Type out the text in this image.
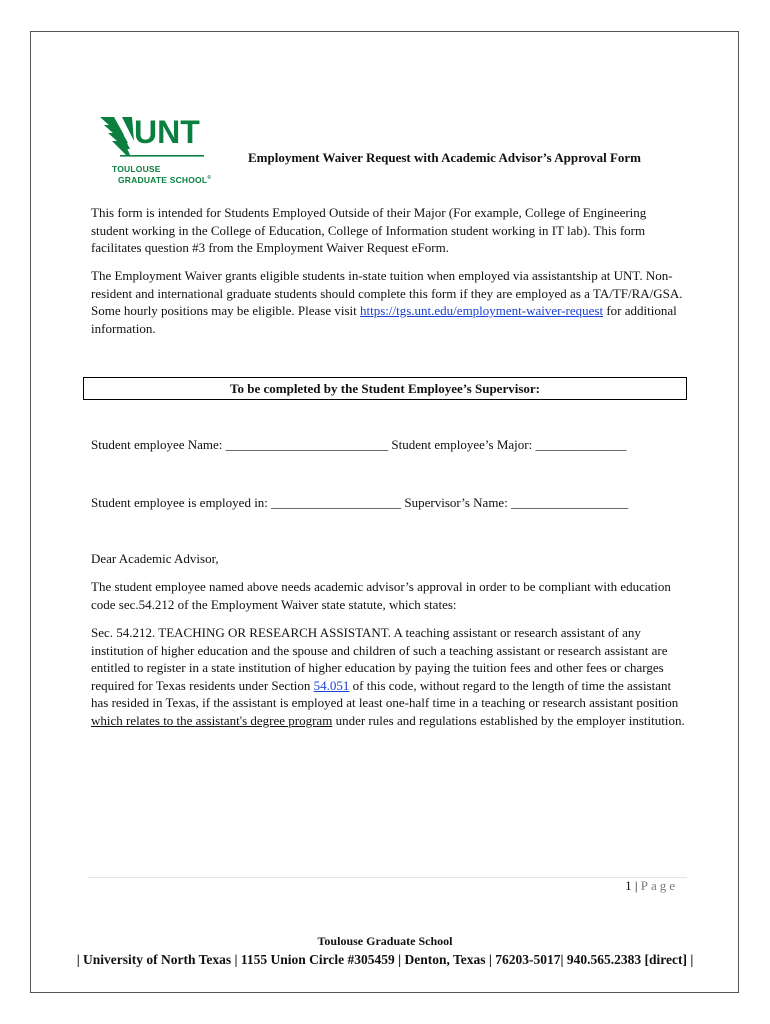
UNT
TOULOUSE
GRADUATE SCHOOL®
Employment Waiver Request with Academic Advisor’s Approval Form

This form is intended for Students Employed Outside of their Major (For example, College of Engineering student working in the College of Education, College of Information student working in IT lab). This form facilitates question #3 from the Employment Waiver Request eForm.

The Employment Waiver grants eligible students in-state tuition when employed via assistantship at UNT. Non-resident and international graduate students should complete this form if they are employed as a TA/TF/RA/GSA. Some hourly positions may be eligible. Please visit https://tgs.unt.edu/employment-waiver-request for additional information.

To be completed by the Student Employee’s Supervisor:
Student employee Name: _________________________ Student employee’s Major: ______________
Student employee is employed in: ____________________ Supervisor’s Name: __________________

Dear Academic Advisor,

The student employee named above needs academic advisor’s approval in order to be compliant with education code sec.54.212 of the Employment Waiver state statute, which states:

Sec. 54.212. TEACHING OR RESEARCH ASSISTANT. A teaching assistant or research assistant of any institution of higher education and the spouse and children of such a teaching assistant or research assistant are entitled to register in a state institution of higher education by paying the tuition fees and other fees or charges required for Texas residents under Section 54.051 of this code, without regard to the length of time the assistant has resided in Texas, if the assistant is employed at least one-half time in a teaching or research assistant position which relates to the assistant's degree program under rules and regulations established by the employer institution.

1 | Page
Toulouse Graduate School
| University of North Texas | 1155 Union Circle #305459 | Denton, Texas | 76203-5017| 940.565.2383 [direct] |
